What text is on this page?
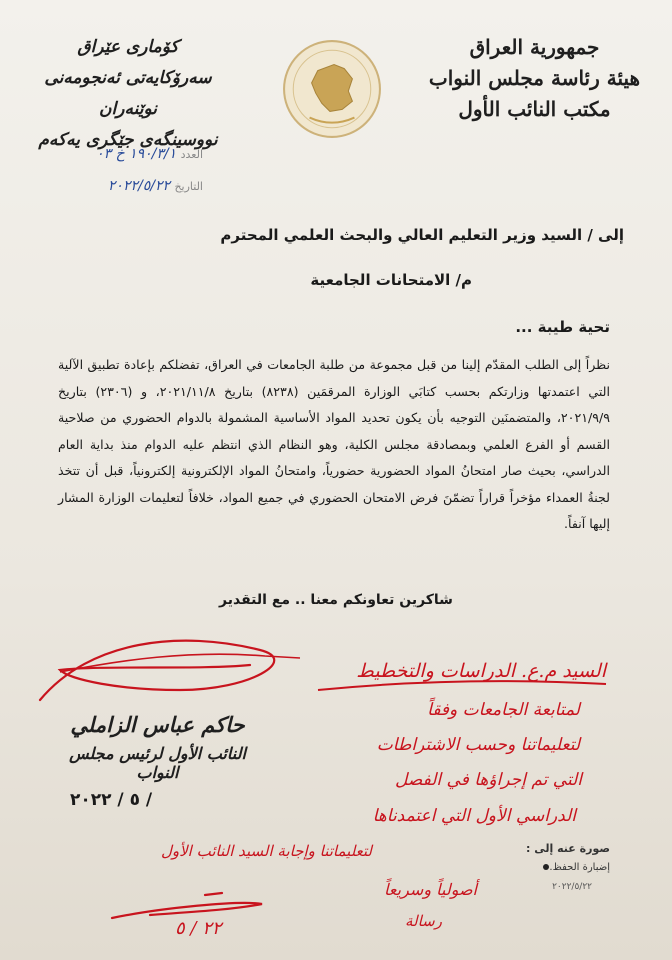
جمهورية العراق
هيئة رئاسة مجلس النواب
مكتب النائب الأول
كۆماری عێراق
سەرۆكایەتی ئەنجومەنی نوێنەران
نووسینگەی جێگری یەكەم
العدد ١٩٠/٣/١ خ ٠٣
التاريخ ٢٠٢٢/٥/٢٢
إلى / السيد وزير التعليم العالي والبحث العلمي المحترم
م/ الامتحانات الجامعية
تحية طيبة ...
نظراً إلى الطلب المقدّم إلينا من قبل مجموعة من طلبة الجامعات في العراق، تفضلكم بإعادة تطبيق الآلية التي اعتمدتها وزارتكم بحسب كتابَي الوزارة المرقمَين (٨٢٣٨) بتاريخ ٢٠٢١/١١/٨، و (٢٣٠٦) بتاريخ ٢٠٢١/٩/٩، والمتضمنَين التوجيه بأن يكون تحديد المواد الأساسية المشمولة بالدوام الحضوري من صلاحية القسم أو الفرع العلمي وبمصادقة مجلس الكلية، وهو النظام الذي انتظم عليه الدوام منذ بداية العام الدراسي، بحيث صار امتحانُ المواد الحضورية حضورياً، وامتحانُ المواد الإلكترونية إلكترونياً، قبل أن تتخذ لجنةُ العمداء مؤخراً قراراً تضمّنَ فرض الامتحان الحضوري في جميع المواد، خلافاً لتعليمات الوزارة المشار إليها آنفاً.
شاكرين تعاونكم معنا .. مع التقدير
حاكم عباس الزاملي
النائب الأول لرئيس مجلس النواب
/ ٥ / ٢٠٢٢
صورة عنه إلى :
إضبارة الحفظ.
٢٠٢٢/٥/٢٢
السيد م.ع. الدراسات والتخطيط
لمتابعة الجامعات وفقاً
لتعليماتنا وحسب الاشتراطات
التي تم إجراؤها في الفصل
الدراسي الأول التي اعتمدناها
لتعليماتنا وإجابة السيد النائب الأول
أصولياً وسريعاً
رسالة
٢٢ / ٥
